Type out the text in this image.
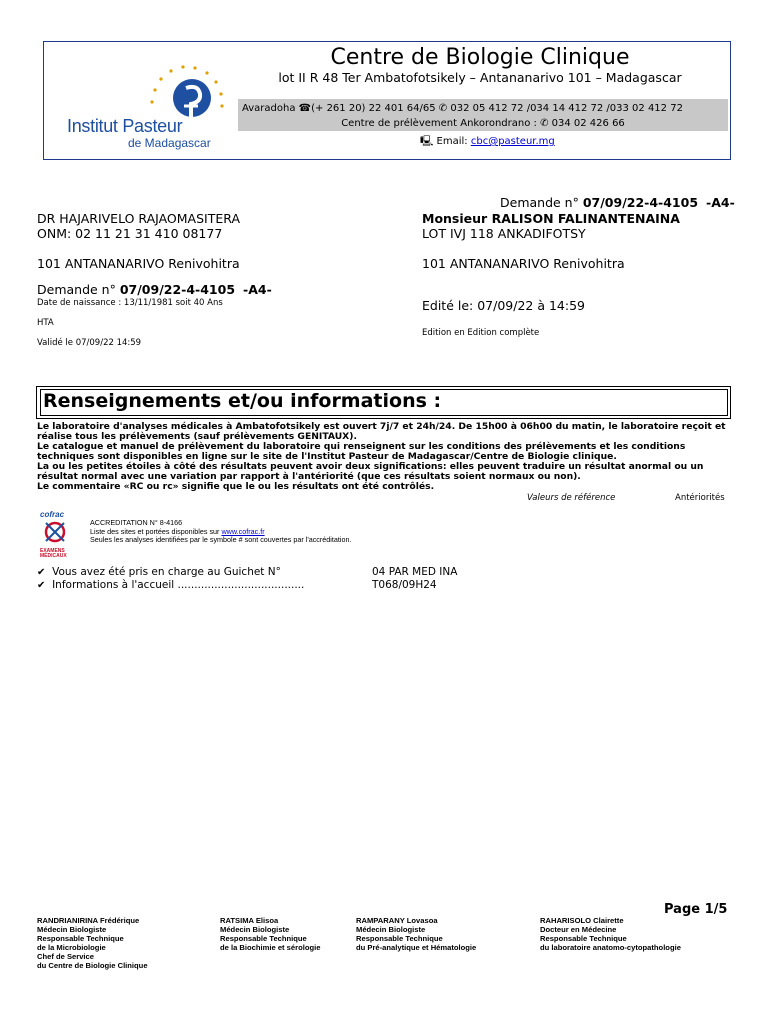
Institut Pasteur
de Madagascar
Centre de Biologie Clinique
lot II R 48 Ter Ambatofotsikely – Antananarivo 101 – Madagascar
Avaradoha ☎(+ 261 20) 22 401 64/65 ✆ 032 05 412 72 /034 14 412 72 /033 02 412 72
Centre de prélèvement Ankorondrano : ✆ 034 02 426 66
🖳 Email: cbc@pasteur.mg
Demande n° 07/09/22-4-4105 -A4-
DR HAJARIVELO RAJAOMASITERA
ONM: 02 11 21 31 410 08177
101 ANTANANARIVO Renivohitra
Monsieur RALISON FALINANTENAINA
LOT IVJ 118 ANKADIFOTSY
101 ANTANANARIVO Renivohitra
Demande n° 07/09/22-4-4105 -A4-
Date de naissance : 13/11/1981 soit 40 Ans
HTA
Validé le 07/09/22 14:59
Edité le: 07/09/22 à 14:59
Edition en Edition complète
Renseignements et/ou informations :

Le laboratoire d'analyses médicales à Ambatofotsikely est ouvert 7j/7 et 24h/24. De 15h00 à 06h00 du matin, le laboratoire reçoit et réalise tous les prélèvements (sauf prélèvements GENITAUX).

Le catalogue et manuel de prélèvement du laboratoire qui renseignent sur les conditions des prélèvements et les conditions techniques sont disponibles en ligne sur le site de l'Institut Pasteur de Madagascar/Centre de Biologie clinique.

La ou les petites étoiles à côté des résultats peuvent avoir deux significations: elles peuvent traduire un résultat anormal ou un résultat normal avec une variation par rapport à l'antériorité (que ces résultats soient normaux ou non).

Le commentaire «RC ou rc» signifie que le ou les résultats ont été contrôlés.

Valeurs de référence	Antériorités
cofrac
EXAMENS MÉDICAUX
ACCREDITATION N° 8-4166
Liste des sites et portées disponibles sur www.cofrac.fr
Seules les analyses identifiées par le symbole # sont couvertes par l'accréditation.
✔ Vous avez été pris en charge au Guichet N°	04 PAR MED INA
✔ Informations à l'accueil ......................................	T068/09H24
Page 1/5
RANDRIANIRINA Frédérique
Médecin Biologiste
Responsable Technique
de la Microbiologie
Chef de Service
du Centre de Biologie Clinique
RATSIMA Elisoa
Médecin Biologiste
Responsable Technique
de la Biochimie et sérologie
RAMPARANY Lovasoa
Médecin Biologiste
Responsable Technique
du Pré-analytique et Hématologie
RAHARISOLO Clairette
Docteur en Médecine
Responsable Technique
du laboratoire anatomo-cytopathologie
